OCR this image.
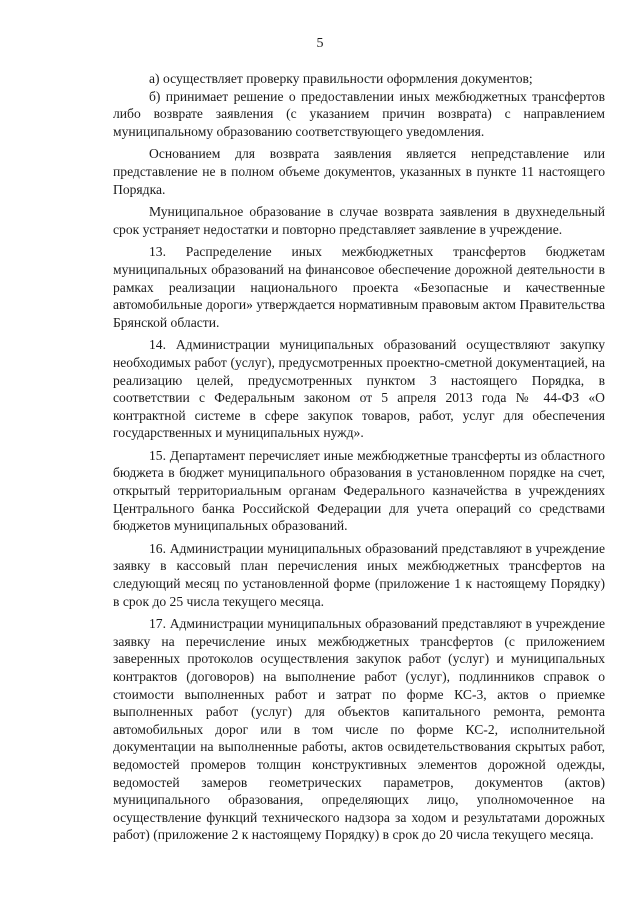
5

а) осуществляет проверку правильности оформления документов;

б) принимает решение о предоставлении иных межбюджетных трансфертов либо возврате заявления (с указанием причин возврата) с направлением муниципальному образованию соответствующего уведомления.

Основанием для возврата заявления является непредставление или представление не в полном объеме документов, указанных в пункте 11 настоящего Порядка.

Муниципальное образование в случае возврата заявления в двухнедельный срок устраняет недостатки и повторно представляет заявление в учреждение.

13. Распределение иных межбюджетных трансфертов бюджетам муниципальных образований на финансовое обеспечение дорожной деятельности в рамках реализации национального проекта «Безопасные и качественные автомобильные дороги» утверждается нормативным правовым актом Правительства Брянской области.

14. Администрации муниципальных образований осуществляют закупку необходимых работ (услуг), предусмотренных проектно-сметной документацией, на реализацию целей, предусмотренных пунктом 3 настоящего Порядка, в соответствии с Федеральным законом от 5 апреля 2013 года № 44-ФЗ «О контрактной системе в сфере закупок товаров, работ, услуг для обеспечения государственных и муниципальных нужд».

15. Департамент перечисляет иные межбюджетные трансферты из областного бюджета в бюджет муниципального образования в установленном порядке на счет, открытый территориальным органам Федерального казначейства в учреждениях Центрального банка Российской Федерации для учета операций со средствами бюджетов муниципальных образований.

16. Администрации муниципальных образований представляют в учреждение заявку в кассовый план перечисления иных межбюджетных трансфертов на следующий месяц по установленной форме (приложение 1 к настоящему Порядку) в срок до 25 числа текущего месяца.

17. Администрации муниципальных образований представляют в учреждение заявку на перечисление иных межбюджетных трансфертов (с приложением заверенных протоколов осуществления закупок работ (услуг) и муниципальных контрактов (договоров) на выполнение работ (услуг), подлинников справок о стоимости выполненных работ и затрат по форме КС-3, актов о приемке выполненных работ (услуг) для объектов капитального ремонта, ремонта автомобильных дорог или в том числе по форме КС-2, исполнительной документации на выполненные работы, актов освидетельствования скрытых работ, ведомостей промеров толщин конструктивных элементов дорожной одежды, ведомостей замеров геометрических параметров, документов (актов) муниципального образования, определяющих лицо, уполномоченное на осуществление функций технического надзора за ходом и результатами дорожных работ) (приложение 2 к настоящему Порядку) в срок до 20 числа текущего месяца.
